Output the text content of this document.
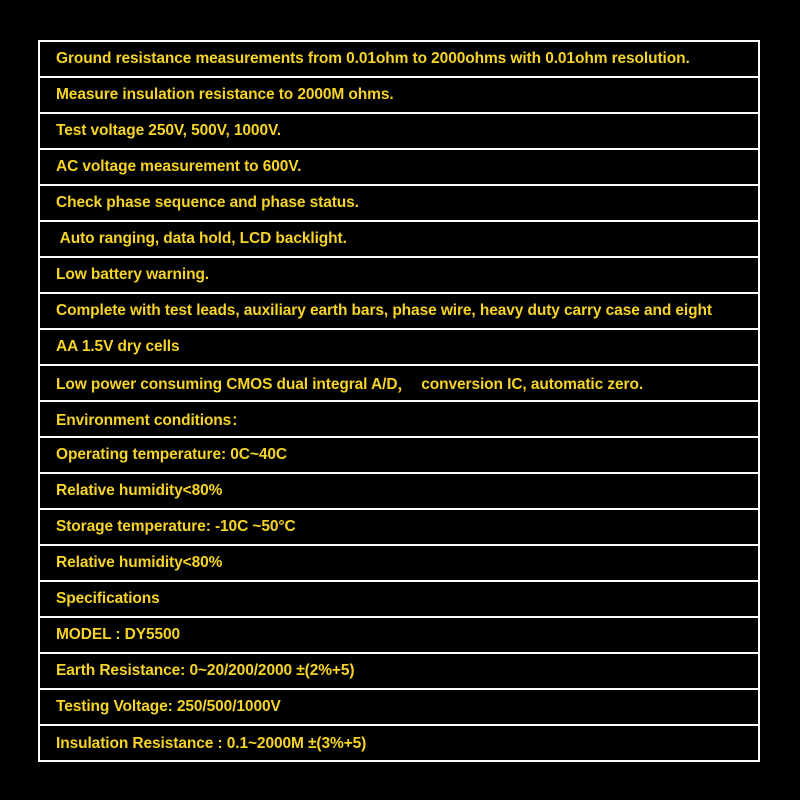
Ground resistance measurements from 0.01ohm to 2000ohms with 0.01ohm resolution.
Measure insulation resistance to 2000M ohms.
Test voltage 250V, 500V, 1000V.
AC voltage measurement to 600V.
Check phase sequence and phase status.
Auto ranging, data hold, LCD backlight.
Low battery warning.
Complete with test leads, auxiliary earth bars, phase wire, heavy duty carry case and eight
AA 1.5V dry cells
Low power consuming CMOS dual integral A/D，  conversion IC, automatic zero.
Environment conditions：
Operating temperature: 0C~40C
Relative humidity<80%
Storage temperature: -10C ~50°C
Relative humidity<80%
Specifications
MODEL : DY5500
Earth Resistance: 0~20/200/2000 ±(2%+5)
Testing Voltage: 250/500/1000V
Insulation Resistance : 0.1~2000M ±(3%+5)
